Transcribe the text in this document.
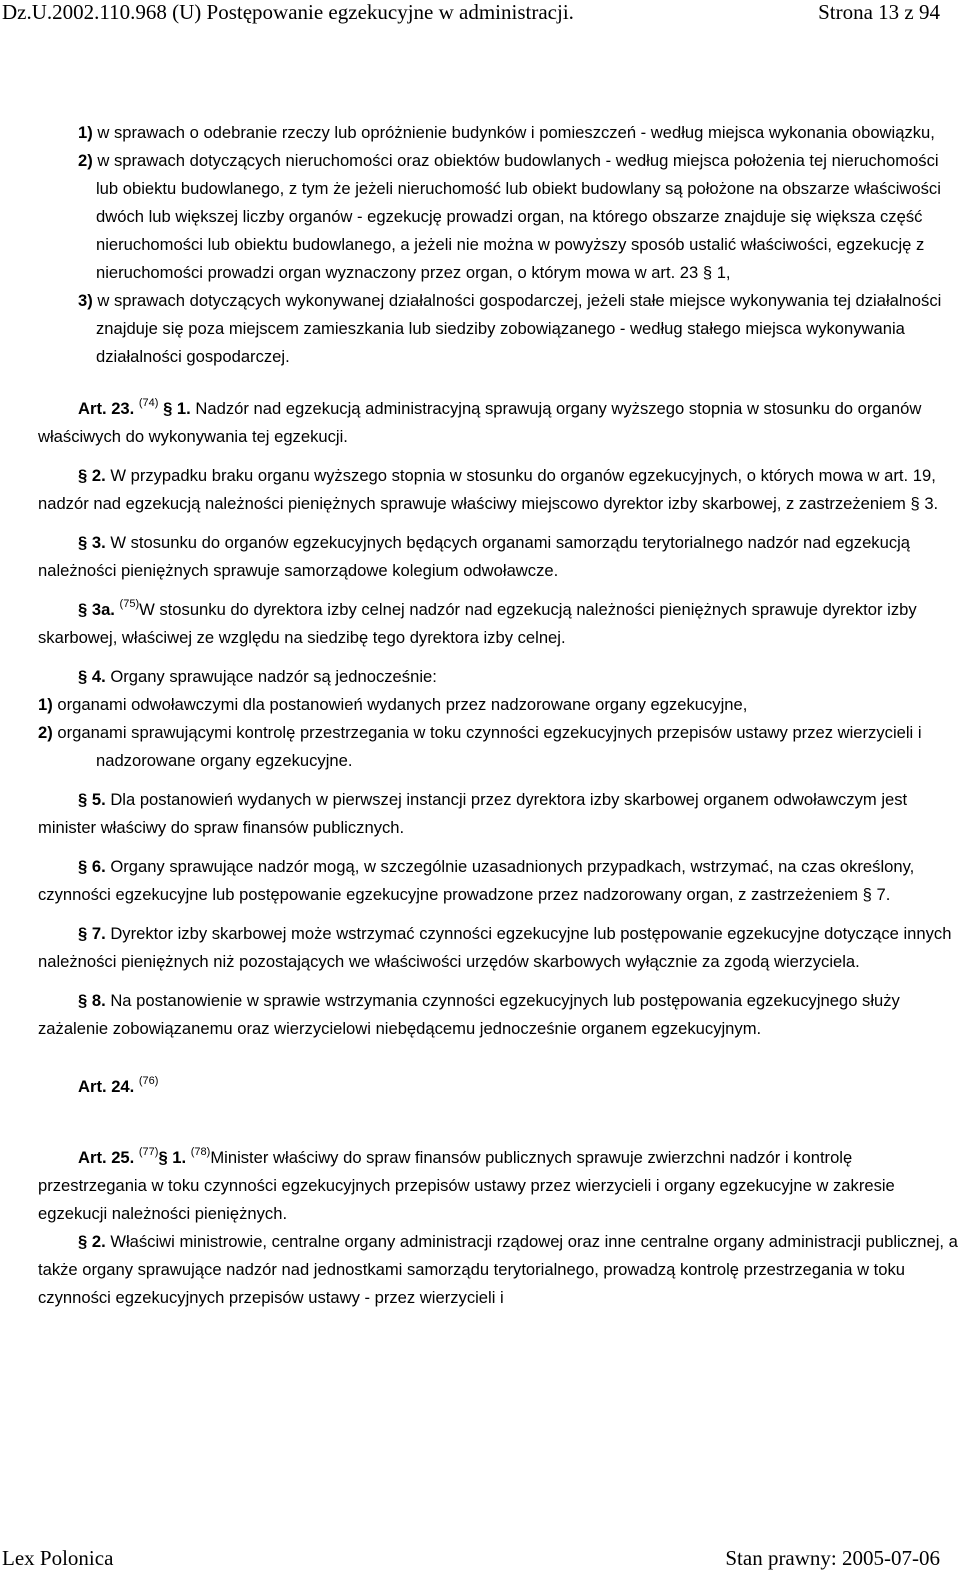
Dz.U.2002.110.968 (U) Postępowanie egzekucyjne w administracji.	Strona 13 z 94

1) w sprawach o odebranie rzeczy lub opróżnienie budynków i pomieszczeń - według miejsca wykonania obowiązku,

2) w sprawach dotyczących nieruchomości oraz obiektów budowlanych - według miejsca położenia tej nieruchomości lub obiektu budowlanego, z tym że jeżeli nieruchomość lub obiekt budowlany są położone na obszarze właściwości dwóch lub większej liczby organów - egzekucję prowadzi organ, na którego obszarze znajduje się większa część nieruchomości lub obiektu budowlanego, a jeżeli nie można w powyższy sposób ustalić właściwości, egzekucję z nieruchomości prowadzi organ wyznaczony przez organ, o którym mowa w art. 23 § 1,

3) w sprawach dotyczących wykonywanej działalności gospodarczej, jeżeli stałe miejsce wykonywania tej działalności znajduje się poza miejscem zamieszkania lub siedziby zobowiązanego - według stałego miejsca wykonywania działalności gospodarczej.

Art. 23. $^{(74)}$ § 1. Nadzór nad egzekucją administracyjną sprawują organy wyższego stopnia w stosunku do organów właściwych do wykonywania tej egzekucji.

§ 2. W przypadku braku organu wyższego stopnia w stosunku do organów egzekucyjnych, o których mowa w art. 19, nadzór nad egzekucją należności pieniężnych sprawuje właściwy miejscowo dyrektor izby skarbowej, z zastrzeżeniem § 3.

§ 3. W stosunku do organów egzekucyjnych będących organami samorządu terytorialnego nadzór nad egzekucją należności pieniężnych sprawuje samorządowe kolegium odwoławcze.

§ 3a. $^{(75)}$W stosunku do dyrektora izby celnej nadzór nad egzekucją należności pieniężnych sprawuje dyrektor izby skarbowej, właściwej ze względu na siedzibę tego dyrektora izby celnej.

§ 4. Organy sprawujące nadzór są jednocześnie:

1) organami odwoławczymi dla postanowień wydanych przez nadzorowane organy egzekucyjne,

2) organami sprawującymi kontrolę przestrzegania w toku czynności egzekucyjnych przepisów ustawy przez wierzycieli i nadzorowane organy egzekucyjne.

§ 5. Dla postanowień wydanych w pierwszej instancji przez dyrektora izby skarbowej organem odwoławczym jest minister właściwy do spraw finansów publicznych.

§ 6. Organy sprawujące nadzór mogą, w szczególnie uzasadnionych przypadkach, wstrzymać, na czas określony, czynności egzekucyjne lub postępowanie egzekucyjne prowadzone przez nadzorowany organ, z zastrzeżeniem § 7.

§ 7. Dyrektor izby skarbowej może wstrzymać czynności egzekucyjne lub postępowanie egzekucyjne dotyczące innych należności pieniężnych niż pozostających we właściwości urzędów skarbowych wyłącznie za zgodą wierzyciela.

§ 8. Na postanowienie w sprawie wstrzymania czynności egzekucyjnych lub postępowania egzekucyjnego służy zażalenie zobowiązanemu oraz wierzycielowi niebędącemu jednocześnie organem egzekucyjnym.

Art. 24. $^{(76)}$

Art. 25. $^{(77)}$§ 1. $^{(78)}$Minister właściwy do spraw finansów publicznych sprawuje zwierzchni nadzór i kontrolę przestrzegania w toku czynności egzekucyjnych przepisów ustawy przez wierzycieli i organy egzekucyjne w zakresie egzekucji należności pieniężnych.

§ 2. Właściwi ministrowie, centralne organy administracji rządowej oraz inne centralne organy administracji publicznej, a także organy sprawujące nadzór nad jednostkami samorządu terytorialnego, prowadzą kontrolę przestrzegania w toku czynności egzekucyjnych przepisów ustawy - przez wierzycieli i

Lex Polonica	Stan prawny: 2005-07-06
